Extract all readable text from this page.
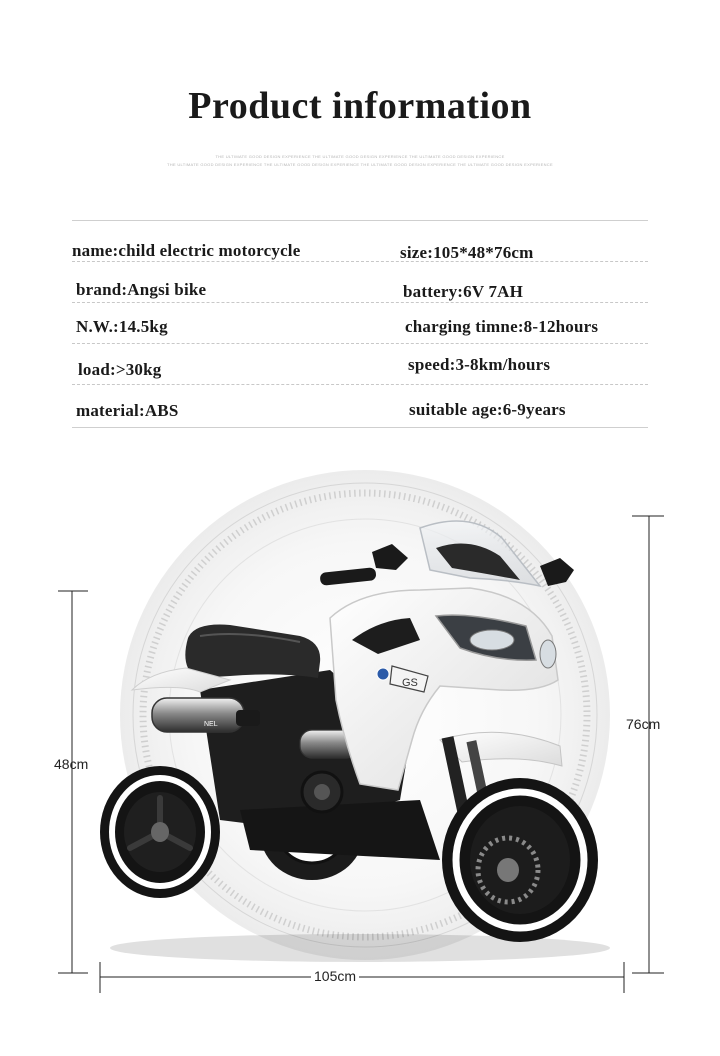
Product information
THE ULTIMATE GOOD DESIGN EXPERIENCE THE ULTIMATE GOOD DESIGN EXPERIENCE THE ULTIMATE GOOD DESIGN EXPERIENCE
THE ULTIMATE GOOD DESIGN EXPERIENCE THE ULTIMATE GOOD DESIGN EXPERIENCE THE ULTIMATE GOOD DESIGN EXPERIENCE THE ULTIMATE GOOD DESIGN EXPERIENCE
name:child electric motorcycle	size:105*48*76cm
brand:Angsi bike	battery:6V 7AH
N.W.:14.5kg	charging timne:8-12hours
load:>30kg	speed:3-8km/hours
material:ABS	suitable age:6-9years
NEL
GS
48cm
76cm
105cm
